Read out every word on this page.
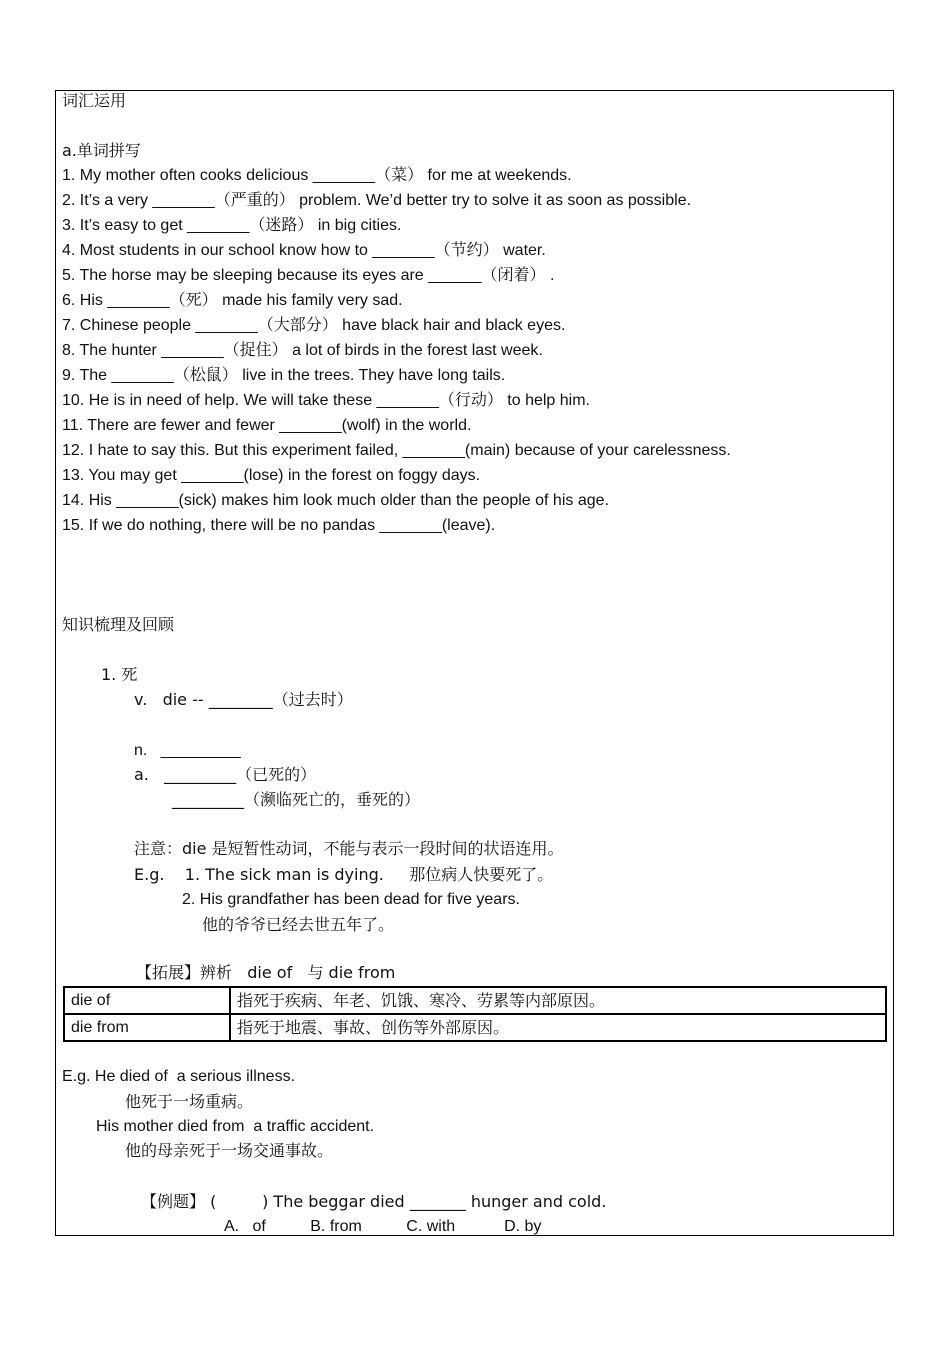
词汇运用
a.单词拼写
1. My mother often cooks delicious _______（菜） for me at weekends.
2. It’s a very _______（严重的） problem. We’d better try to solve it as soon as possible.
3. It’s easy to get _______（迷路） in big cities.
4. Most students in our school know how to _______（节约） water.
5. The horse may be sleeping because its eyes are ______（闭着） .
6. His _______（死） made his family very sad.
7. Chinese people _______（大部分） have black hair and black eyes.
8. The hunter _______（捉住） a lot of birds in the forest last week.
9. The _______（松鼠） live in the trees. They have long tails.
10. He is in need of help. We will take these _______（行动） to help him.
11. There are fewer and fewer _______(wolf) in the world.
12. I hate to say this. But this experiment failed, _______(main) because of your carelessness.
13. You may get _______(lose) in the forest on foggy days.
14. His _______(sick) makes him look much older than the people of his age.
15. If we do nothing, there will be no pandas _______(leave).
知识梳理及回顾
1. 死
v.   die -- ________（过去时）
n.   _________
a.   _________（已死的）
_________（濒临死亡的，垂死的）
注意：die 是短暂性动词，不能与表示一段时间的状语连用。
E.g.    1. The sick man is dying.     那位病人快要死了。
2. His grandfather has been dead for five years.
他的爷爷已经去世五年了。
【拓展】辨析   die of   与 die from
die of	指死于疾病、年老、饥饿、寒冷、劳累等内部原因。
die from	指死于地震、事故、创伤等外部原因。
E.g. He died of  a serious illness.
他死于一场重病。
His mother died from  a traffic accident.
他的母亲死于一场交通事故。
【例题】 (         ) The beggar died _______ hunger and cold.
A.   of          B. from          C. with           D. by
